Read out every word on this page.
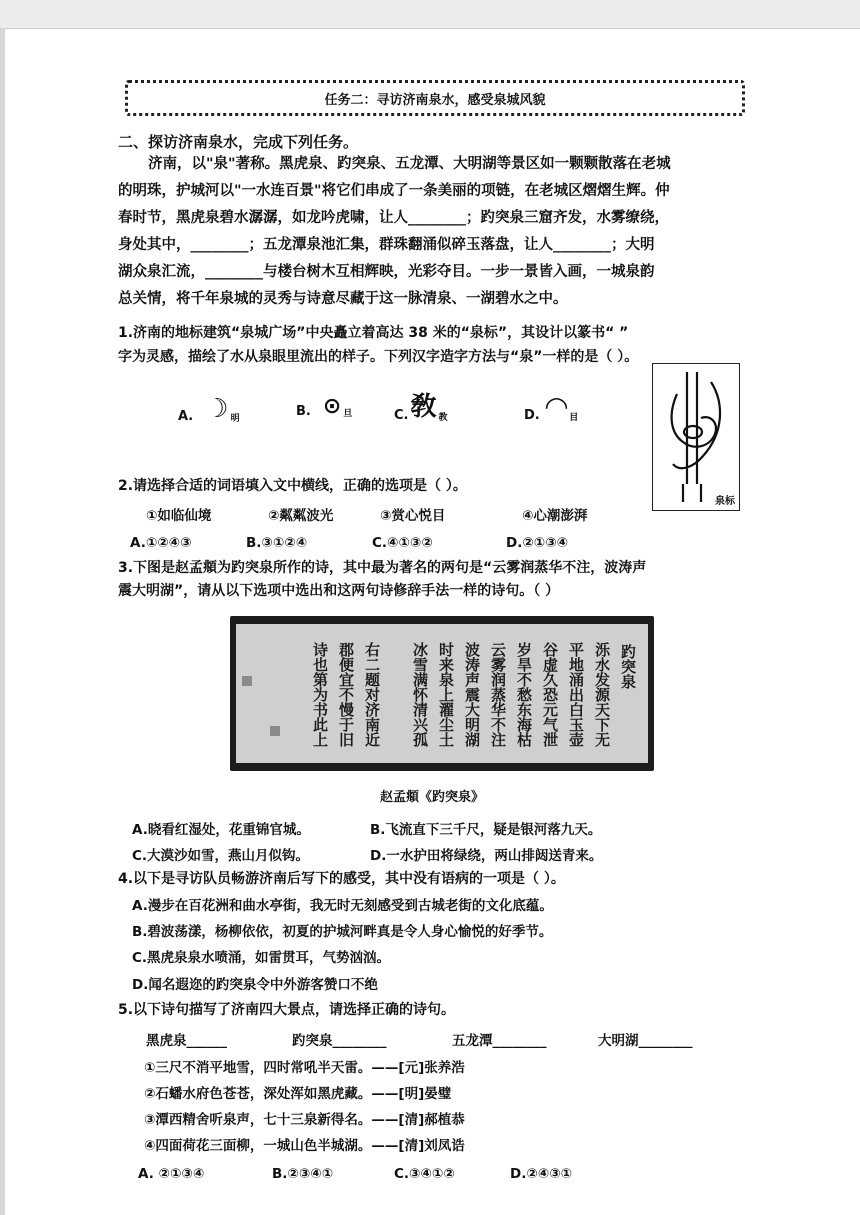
任务二：寻访济南泉水，感受泉城风貌
二、探访济南泉水，完成下列任务。
济南，以"泉"著称。黑虎泉、趵突泉、五龙潭、大明湖等景区如一颗颗散落在老城
的明珠，护城河以"一水连百景"将它们串成了一条美丽的项链，在老城区熠熠生辉。仲
春时节，黑虎泉碧水潺潺，如龙吟虎啸，让人________；趵突泉三窟齐发，水雾缭绕，
身处其中，________；五龙潭泉池汇集，群珠翻涌似碎玉落盘，让人________；大明
湖众泉汇流，________与楼台树木互相辉映，光彩夺目。一步一景皆入画，一城泉韵
总关情，将千年泉城的灵秀与诗意尽藏于这一脉清泉、一湖碧水之中。
1.济南的地标建筑“泉城广场”中央矗立着高达 38 米的“泉标”，其设计以篆书“ ”
字为灵感，描绘了水从泉眼里流出的样子。下列汉字造字方法与“泉”一样的是（ ）。
A. ☽ 明	B. ⊙ 旦	C. 敎 教	D. ◠ 目
泉标
2.请选择合适的词语填入文中横线，正确的选项是（ ）。
①如临仙境	②粼粼波光	③赏心悦目	④心潮澎湃
A.①②④③	B.③①②④	C.④①③②	D.②①③④
3.下图是赵孟頫为趵突泉所作的诗，其中最为著名的两句是“云雾润蒸华不注，波涛声
震大明湖”，请从以下选项中选出和这两句诗修辞手法一样的诗句。（ ）
趵突泉
泺水发源天下无
平地涌出白玉壶
谷虚久恐元气泄
岁旱不愁东海枯
云雾润蒸华不注
波涛声震大明湖
时来泉上濯尘土
冰雪满怀清兴孤
右二题对济南近
郡便宜不慢于旧
诗也第为书此上
赵孟頫《趵突泉》
A.晓看红湿处，花重锦官城。	B.飞流直下三千尺，疑是银河落九天。
C.大漠沙如雪，燕山月似钩。	D.一水护田将绿绕，两山排闼送青来。
4.以下是寻访队员畅游济南后写下的感受，其中没有语病的一项是（ ）。
A.漫步在百花洲和曲水亭街，我无时无刻感受到古城老街的文化底蕴。
B.碧波荡漾，杨柳依依，初夏的护城河畔真是令人身心愉悦的好季节。
C.黑虎泉泉水喷涌，如雷贯耳，气势汹汹。
D.闻名遐迩的趵突泉令中外游客赞口不绝
5.以下诗句描写了济南四大景点，请选择正确的诗句。
黑虎泉______	趵突泉________	五龙潭________	大明湖________
①三尺不消平地雪，四时常吼半天雷。——[元]张养浩
②石蟠水府色苍苍，深处浑如黑虎藏。——[明]晏璧
③潭西精舍听泉声，七十三泉新得名。——[清]郝植恭
④四面荷花三面柳，一城山色半城湖。——[清]刘凤诰
A. ②①③④	B.②③④①	C.③④①②	D.②④③①
